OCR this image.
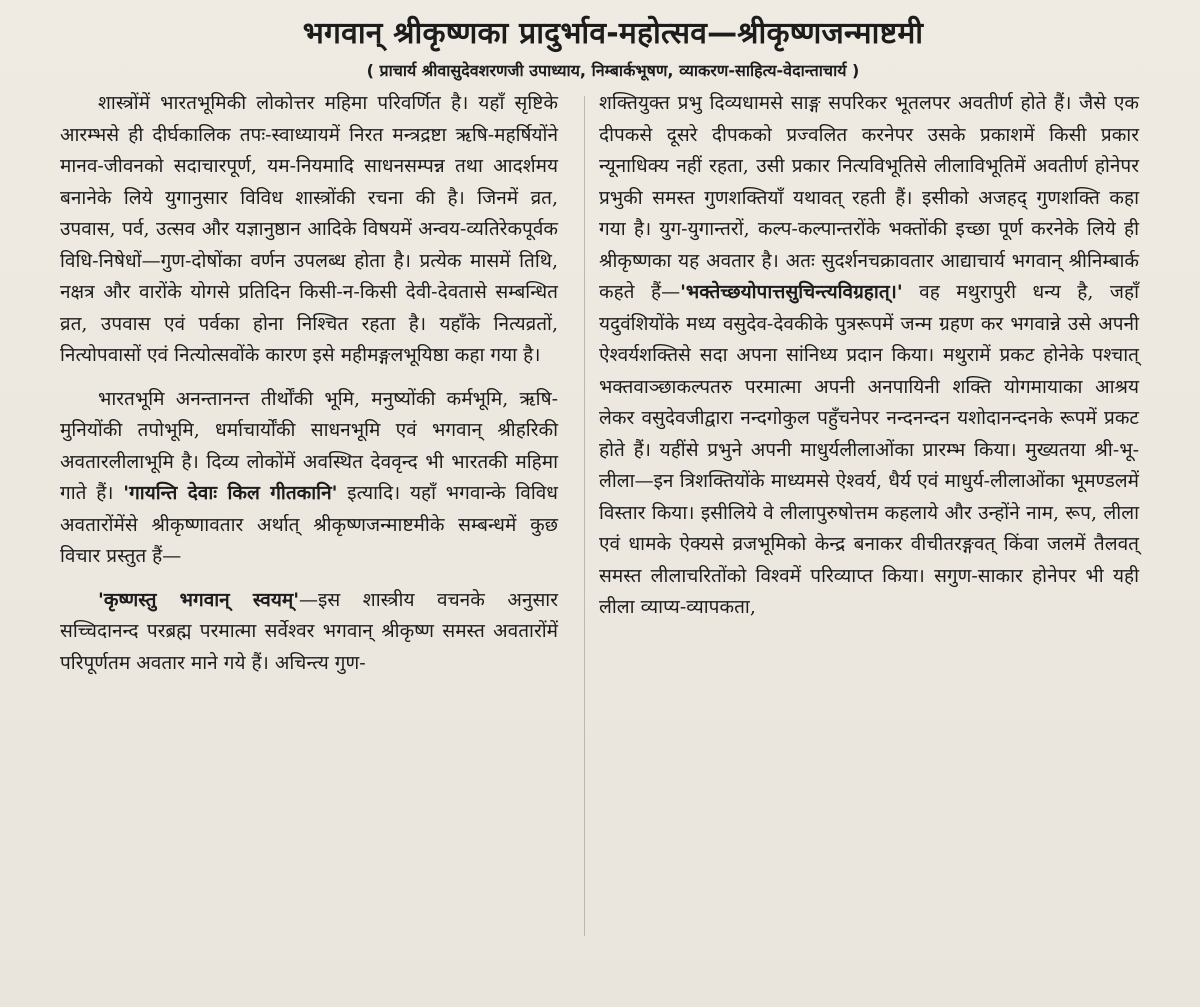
भगवान् श्रीकृष्णका प्रादुर्भाव-महोत्सव—श्रीकृष्णजन्माष्टमी
( प्राचार्य श्रीवासुदेवशरणजी उपाध्याय, निम्बार्कभूषण, व्याकरण-साहित्य-वेदान्ताचार्य )

शास्त्रोंमें भारतभूमिकी लोकोत्तर महिमा परिवर्णित है। यहाँ सृष्टिके आरम्भसे ही दीर्घकालिक तपः-स्वाध्यायमें निरत मन्त्रद्रष्टा ऋषि-महर्षियोंने मानव-जीवनको सदाचारपूर्ण, यम-नियमादि साधनसम्पन्न तथा आदर्शमय बनानेके लिये युगानुसार विविध शास्त्रोंकी रचना की है। जिनमें व्रत, उपवास, पर्व, उत्सव और यज्ञानुष्ठान आदिके विषयमें अन्वय-व्यतिरेकपूर्वक विधि-निषेधों—गुण-दोषोंका वर्णन उपलब्ध होता है। प्रत्येक मासमें तिथि, नक्षत्र और वारोंके योगसे प्रतिदिन किसी-न-किसी देवी-देवतासे सम्बन्धित व्रत, उपवास एवं पर्वका होना निश्चित रहता है। यहाँके नित्यव्रतों, नित्योपवासों एवं नित्योत्सवोंके कारण इसे महीमङ्गलभूयिष्ठा कहा गया है।

भारतभूमि अनन्तानन्त तीर्थोंकी भूमि, मनुष्योंकी कर्मभूमि, ऋषि-मुनियोंकी तपोभूमि, धर्माचार्योंकी साधनभूमि एवं भगवान् श्रीहरिकी अवतारलीलाभूमि है। दिव्य लोकोंमें अवस्थित देववृन्द भी भारतकी महिमा गाते हैं। 'गायन्ति देवाः किल गीतकानि' इत्यादि। यहाँ भगवान्के विविध अवतारोंमेंसे श्रीकृष्णावतार अर्थात् श्रीकृष्णजन्माष्टमीके सम्बन्धमें कुछ विचार प्रस्तुत हैं—

'कृष्णस्तु भगवान् स्वयम्'—इस शास्त्रीय वचनके अनुसार सच्चिदानन्द परब्रह्म परमात्मा सर्वेश्वर भगवान् श्रीकृष्ण समस्त अवतारोंमें परिपूर्णतम अवतार माने गये हैं। अचिन्त्य गुण-

शक्तियुक्त प्रभु दिव्यधामसे साङ्ग सपरिकर भूतलपर अवतीर्ण होते हैं। जैसे एक दीपकसे दूसरे दीपकको प्रज्वलित करनेपर उसके प्रकाशमें किसी प्रकार न्यूनाधिक्य नहीं रहता, उसी प्रकार नित्यविभूतिसे लीलाविभूतिमें अवतीर्ण होनेपर प्रभुकी समस्त गुणशक्तियाँ यथावत् रहती हैं। इसीको अजहद् गुणशक्ति कहा गया है। युग-युगान्तरों, कल्प-कल्पान्तरोंके भक्तोंकी इच्छा पूर्ण करनेके लिये ही श्रीकृष्णका यह अवतार है। अतः सुदर्शनचक्रावतार आद्याचार्य भगवान् श्रीनिम्बार्क कहते हैं—'भक्तेच्छयोपात्तसुचिन्त्यविग्रहात्।' वह मथुरापुरी धन्य है, जहाँ यदुवंशियोंके मध्य वसुदेव-देवकीके पुत्ररूपमें जन्म ग्रहण कर भगवान्ने उसे अपनी ऐश्वर्यशक्तिसे सदा अपना सांनिध्य प्रदान किया। मथुरामें प्रकट होनेके पश्चात् भक्तवाञ्छाकल्पतरु परमात्मा अपनी अनपायिनी शक्ति योगमायाका आश्रय लेकर वसुदेवजीद्वारा नन्दगोकुल पहुँचनेपर नन्दनन्दन यशोदानन्दनके रूपमें प्रकट होते हैं। यहींसे प्रभुने अपनी माधुर्यलीलाओंका प्रारम्भ किया। मुख्यतया श्री-भू-लीला—इन त्रिशक्तियोंके माध्यमसे ऐश्वर्य, धैर्य एवं माधुर्य-लीलाओंका भूमण्डलमें विस्तार किया। इसीलिये वे लीलापुरुषोत्तम कहलाये और उन्होंने नाम, रूप, लीला एवं धामके ऐक्यसे व्रजभूमिको केन्द्र बनाकर वीचीतरङ्गवत् किंवा जलमें तैलवत् समस्त लीलाचरितोंको विश्वमें परिव्याप्त किया। सगुण-साकार होनेपर भी यही लीला व्याप्य-व्यापकता,
